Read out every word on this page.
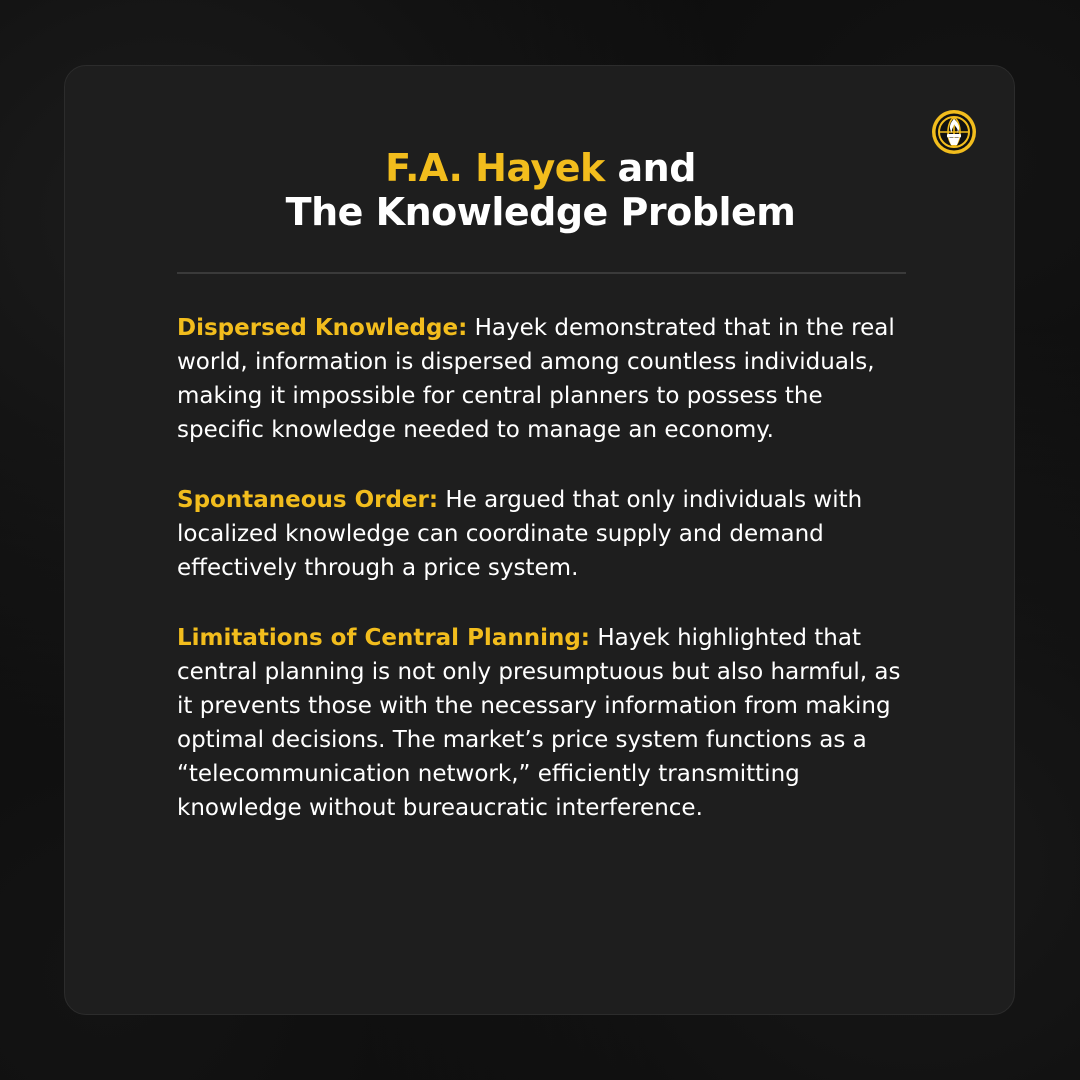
F.A. Hayek and
The Knowledge Problem

Dispersed Knowledge: Hayek demonstrated that in the real world, information is dispersed among countless individuals, making it impossible for central planners to possess the specific knowledge needed to manage an economy.

Spontaneous Order: He argued that only individuals with localized knowledge can coordinate supply and demand effectively through a price system.

Limitations of Central Planning: Hayek highlighted that central planning is not only presumptuous but also harmful, as it prevents those with the necessary information from making optimal decisions. The market’s price system functions as a “telecommunication network,” efficiently transmitting knowledge without bureaucratic interference.
